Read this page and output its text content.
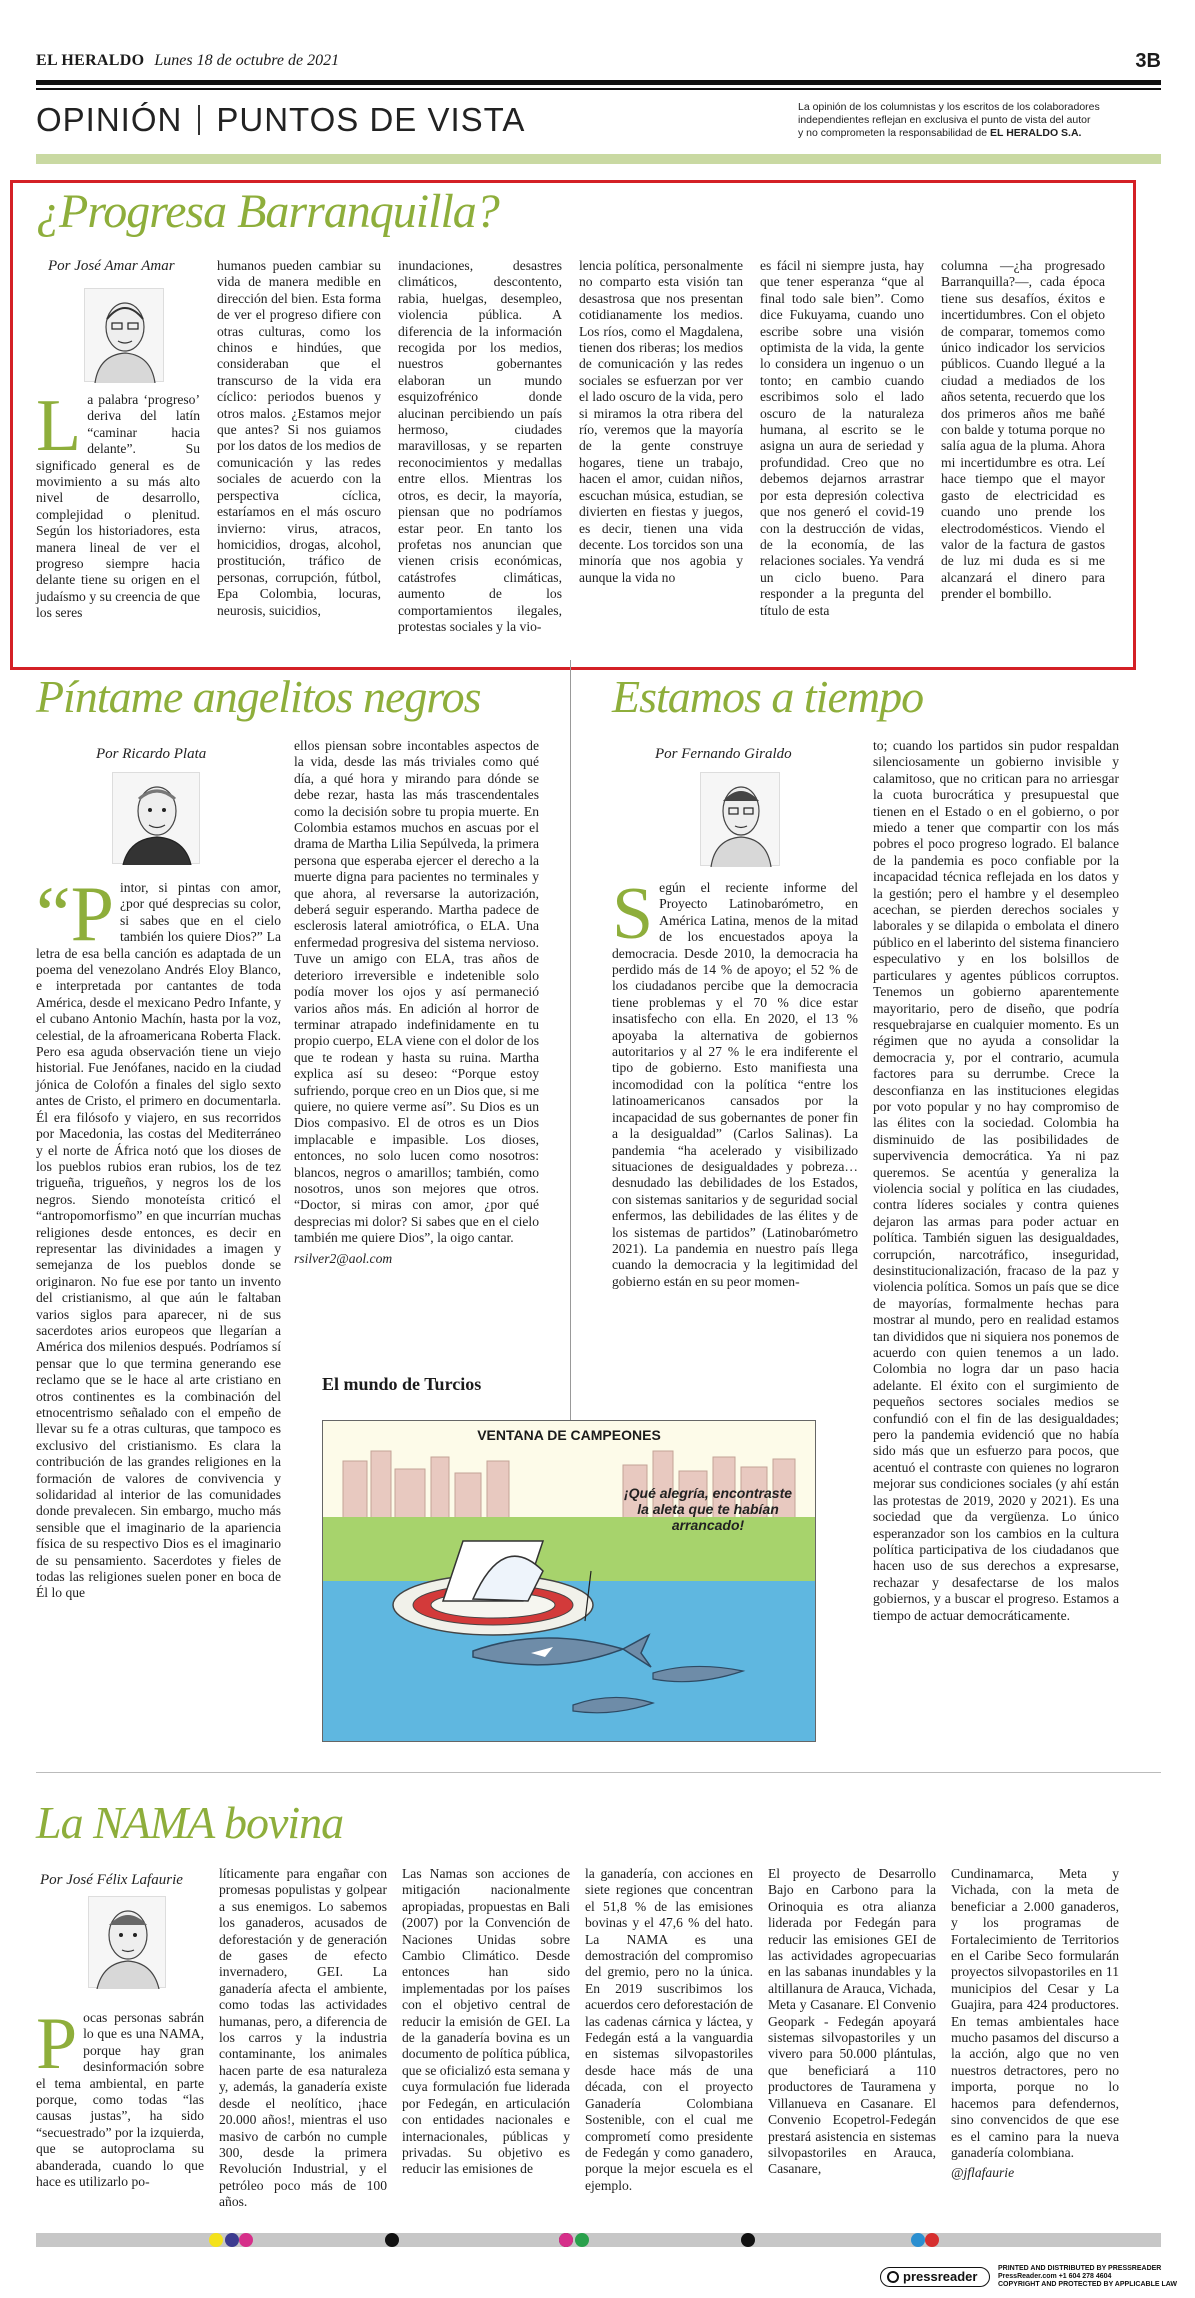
EL HERALDO Lunes 18 de octubre de 2021	3B
OPINIÓN PUNTOS DE VISTA	La opinión de los columnistas y los escritos de los colaboradores
independientes reflejan en exclusiva el punto de vista del autor
y no comprometen la responsabilidad de EL HERALDO S.A.
¿Progresa Barranquilla?
Por José Amar Amar
La palabra ‘progreso’ deriva del latín “caminar hacia delante”. Su significado general es de movimiento a su más alto nivel de desarrollo, complejidad o plenitud. Según los historiadores, esta manera lineal de ver el progreso siempre hacia delante tiene su origen en el judaísmo y su creencia de que los seres
humanos pueden cambiar su vida de manera medible en dirección del bien. Esta forma de ver el progreso difiere con otras culturas, como los chinos e hindúes, que consideraban que el transcurso de la vida era cíclico: periodos buenos y otros malos. ¿Estamos mejor que antes? Si nos guiamos por los datos de los medios de comunicación y las redes sociales de acuerdo con la perspectiva cíclica, estaríamos en el más oscuro invierno: virus, atracos, homicidios, drogas, alcohol, prostitución, tráfico de personas, corrupción, fútbol, Epa Colombia, locuras, neurosis, suicidios,
inundaciones, desastres climáticos, descontento, rabia, huelgas, desempleo, violencia pública. A diferencia de la información recogida por los medios, nuestros gobernantes elaboran un mundo esquizofrénico donde alucinan percibiendo un país hermoso, ciudades maravillosas, y se reparten reconocimientos y medallas entre ellos. Mientras los otros, es decir, la mayoría, piensan que no podríamos estar peor. En tanto los profetas nos anuncian que vienen crisis económicas, catástrofes climáticas, aumento de los comportamientos ilegales, protestas sociales y la vio-
lencia política, personalmente no comparto esta visión tan desastrosa que nos presentan cotidianamente los medios. Los ríos, como el Magdalena, tienen dos riberas; los medios de comunicación y las redes sociales se esfuerzan por ver el lado oscuro de la vida, pero si miramos la otra ribera del río, veremos que la mayoría de la gente construye hogares, tiene un trabajo, hacen el amor, cuidan niños, escuchan música, estudian, se divierten en fiestas y juegos, es decir, tienen una vida decente. Los torcidos son una minoría que nos agobia y aunque la vida no
es fácil ni siempre justa, hay que tener esperanza “que al final todo sale bien”. Como dice Fukuyama, cuando uno escribe sobre una visión optimista de la vida, la gente lo considera un ingenuo o un tonto; en cambio cuando escribimos solo el lado oscuro de la naturaleza humana, al escrito se le asigna un aura de seriedad y profundidad. Creo que no debemos dejarnos arrastrar por esta depresión colectiva que nos generó el covid-19 con la destrucción de vidas, de la economía, de las relaciones sociales. Ya vendrá un ciclo bueno. Para responder a la pregunta del título de esta
columna —¿ha progresado Barranquilla?—, cada época tiene sus desafíos, éxitos e incertidumbres. Con el objeto de comparar, tomemos como único indicador los servicios públicos. Cuando llegué a la ciudad a mediados de los años setenta, recuerdo que los dos primeros años me bañé con balde y totuma porque no salía agua de la pluma. Ahora mi incertidumbre es otra. Leí hace tiempo que el mayor gasto de electricidad es cuando uno prende los electrodomésticos. Viendo el valor de la factura de gastos de luz mi duda es si me alcanzará el dinero para prender el bombillo.
Píntame angelitos negros
Por Ricardo Plata
“Pintor, si pintas con amor, ¿por qué desprecias su color, si sabes que en el cielo también los quiere Dios?” La letra de esa bella canción es adaptada de un poema del venezolano Andrés Eloy Blanco, e interpretada por cantantes de toda América, desde el mexicano Pedro Infante, y el cubano Antonio Machín, hasta por la voz, celestial, de la afroamericana Roberta Flack. Pero esa aguda observación tiene un viejo historial. Fue Jenófanes, nacido en la ciudad jónica de Colofón a finales del siglo sexto antes de Cristo, el primero en documentarla. Él era filósofo y viajero, en sus recorridos por Macedonia, las costas del Mediterráneo y el norte de África notó que los dioses de los pueblos rubios eran rubios, los de tez trigueña, trigueños, y negros los de los negros. Siendo monoteísta criticó el “antropomorfismo” en que incurrían muchas religiones desde entonces, es decir en representar las divinidades a imagen y semejanza de los pueblos donde se originaron. No fue ese por tanto un invento del cristianismo, al que aún le faltaban varios siglos para aparecer, ni de sus sacerdotes arios europeos que llegarían a América dos milenios después. Podríamos sí pensar que lo que termina generando ese reclamo que se le hace al arte cristiano en otros continentes es la combinación del etnocentrismo señalado con el empeño de llevar su fe a otras culturas, que tampoco es exclusivo del cristianismo. Es clara la contribución de las grandes religiones en la formación de valores de convivencia y solidaridad al interior de las comunidades donde prevalecen. Sin embargo, mucho más sensible que el imaginario de la apariencia física de su respectivo Dios es el imaginario de su pensamiento. Sacerdotes y fieles de todas las religiones suelen poner en boca de Él lo que
ellos piensan sobre incontables aspectos de la vida, desde las más triviales como qué día, a qué hora y mirando para dónde se debe rezar, hasta las más trascendentales como la decisión sobre tu propia muerte. En Colombia estamos muchos en ascuas por el drama de Martha Lilia Sepúlveda, la primera persona que esperaba ejercer el derecho a la muerte digna para pacientes no terminales y que ahora, al reversarse la autorización, deberá seguir esperando. Martha padece de esclerosis lateral amiotrófica, o ELA. Una enfermedad progresiva del sistema nervioso. Tuve un amigo con ELA, tras años de deterioro irreversible e indetenible solo podía mover los ojos y así permaneció varios años más. En adición al horror de terminar atrapado indefinidamente en tu propio cuerpo, ELA viene con el dolor de los que te rodean y hasta su ruina. Martha explica así su deseo: “Porque estoy sufriendo, porque creo en un Dios que, si me quiere, no quiere verme así”. Su Dios es un Dios compasivo. El de otros es un Dios implacable e impasible. Los dioses, entonces, no solo lucen como nosotros: blancos, negros o amarillos; también, como nosotros, unos son mejores que otros. “Doctor, si miras con amor, ¿por qué desprecias mi dolor? Si sabes que en el cielo también me quiere Dios”, la oigo cantar.
rsilver2@aol.com
El mundo de Turcios
VENTANA DE CAMPEONES
¡Qué alegría, encontraste la aleta que te habían arrancado!
Estamos a tiempo
Por Fernando Giraldo
Según el reciente informe del Proyecto Latinobarómetro, en América Latina, menos de la mitad de los encuestados apoya la democracia. Desde 2010, la democracia ha perdido más de 14 % de apoyo; el 52 % de los ciudadanos percibe que la democracia tiene problemas y el 70 % dice estar insatisfecho con ella. En 2020, el 13 % apoyaba la alternativa de gobiernos autoritarios y al 27 % le era indiferente el tipo de gobierno. Esto manifiesta una incomodidad con la política “entre los latinoamericanos cansados por la incapacidad de sus gobernantes de poner fin a la desigualdad” (Carlos Salinas). La pandemia “ha acelerado y visibilizado situaciones de desigualdades y pobreza…desnudado las debilidades de los Estados, con sistemas sanitarios y de seguridad social enfermos, las debilidades de las élites y de los sistemas de partidos” (Latinobarómetro 2021). La pandemia en nuestro país llega cuando la democracia y la legitimidad del gobierno están en su peor momen-
to; cuando los partidos sin pudor respaldan silenciosamente un gobierno invisible y calamitoso, que no critican para no arriesgar la cuota burocrática y presupuestal que tienen en el Estado o en el gobierno, o por miedo a tener que compartir con los más pobres el poco progreso logrado. El balance de la pandemia es poco confiable por la incapacidad técnica reflejada en los datos y la gestión; pero el hambre y el desempleo acechan, se pierden derechos sociales y laborales y se dilapida o embolata el dinero público en el laberinto del sistema financiero especulativo y en los bolsillos de particulares y agentes públicos corruptos. Tenemos un gobierno aparentemente mayoritario, pero de diseño, que podría resquebrajarse en cualquier momento. Es un régimen que no ayuda a consolidar la democracia y, por el contrario, acumula factores para su derrumbe. Crece la desconfianza en las instituciones elegidas por voto popular y no hay compromiso de las élites con la sociedad. Colombia ha disminuido de las posibilidades de supervivencia democrática. Ya ni paz queremos. Se acentúa y generaliza la violencia social y política en las ciudades, contra líderes sociales y contra quienes dejaron las armas para poder actuar en política. También siguen las desigualdades, corrupción, narcotráfico, inseguridad, desinstitucionalización, fracaso de la paz y violencia política. Somos un país que se dice de mayorías, formalmente hechas para mostrar al mundo, pero en realidad estamos tan divididos que ni siquiera nos ponemos de acuerdo con quien tenemos a un lado. Colombia no logra dar un paso hacia adelante. El éxito con el surgimiento de pequeños sectores sociales medios se confundió con el fin de las desigualdades; pero la pandemia evidenció que no había sido más que un esfuerzo para pocos, que acentuó el contraste con quienes no lograron mejorar sus condiciones sociales (y ahí están las protestas de 2019, 2020 y 2021). Es una sociedad que da vergüenza. Lo único esperanzador son los cambios en la cultura política participativa de los ciudadanos que hacen uso de sus derechos a expresarse, rechazar y desafectarse de los malos gobiernos, y a buscar el progreso. Estamos a tiempo de actuar democráticamente.
La NAMA bovina
Por José Félix Lafaurie
Pocas personas sabrán lo que es una NAMA, porque hay gran desinformación sobre el tema ambiental, en parte porque, como todas “las causas justas”, ha sido “secuestrado” por la izquierda, que se autoproclama su abanderada, cuando lo que hace es utilizarlo po-
líticamente para engañar con promesas populistas y golpear a sus enemigos. Lo sabemos los ganaderos, acusados de deforestación y de generación de gases de efecto invernadero, GEI. La ganadería afecta el ambiente, como todas las actividades humanas, pero, a diferencia de los carros y la industria contaminante, los animales hacen parte de esa naturaleza y, además, la ganadería existe desde el neolítico, ¡hace 20.000 años!, mientras el uso masivo de carbón no cumple 300, desde la primera Revolución Industrial, y el petróleo poco más de 100 años.
Las Namas son acciones de mitigación nacionalmente apropiadas, propuestas en Bali (2007) por la Convención de Naciones Unidas sobre Cambio Climático. Desde entonces han sido implementadas por los países con el objetivo central de reducir la emisión de GEI. La de la ganadería bovina es un documento de política pública, que se oficializó esta semana y cuya formulación fue liderada por Fedegán, en articulación con entidades nacionales e internacionales, públicas y privadas. Su objetivo es reducir las emisiones de
la ganadería, con acciones en siete regiones que concentran el 51,8 % de las emisiones bovinas y el 47,6 % del hato. La NAMA es una demostración del compromiso del gremio, pero no la única. En 2019 suscribimos los acuerdos cero deforestación de las cadenas cárnica y láctea, y Fedegán está a la vanguardia en sistemas silvopastoriles desde hace más de una década, con el proyecto Ganadería Colombiana Sostenible, con el cual me comprometí como presidente de Fedegán y como ganadero, porque la mejor escuela es el ejemplo.
El proyecto de Desarrollo Bajo en Carbono para la Orinoquia es otra alianza liderada por Fedegán para reducir las emisiones GEI de las actividades agropecuarias en las sabanas inundables y la altillanura de Arauca, Vichada, Meta y Casanare. El Convenio Geopark - Fedegán apoyará sistemas silvopastoriles y un vivero para 50.000 plántulas, que beneficiará a 110 productores de Tauramena y Villanueva en Casanare. El Convenio Ecopetrol-Fedegán prestará asistencia en sistemas silvopastoriles en Arauca, Casanare,
Cundinamarca, Meta y Vichada, con la meta de beneficiar a 2.000 ganaderos, y los programas de Fortalecimiento de Territorios en el Caribe Seco formularán proyectos silvopastoriles en 11 municipios del Cesar y La Guajira, para 424 productores. En temas ambientales hace mucho pasamos del discurso a la acción, algo que no ven nuestros detractores, pero no importa, porque no lo hacemos para defendernos, sino convencidos de que ese es el camino para la nueva ganadería colombiana.
@jflafaurie
pressreader
PRINTED AND DISTRIBUTED BY PRESSREADER
PressReader.com +1 604 278 4604
COPYRIGHT AND PROTECTED BY APPLICABLE LAW
